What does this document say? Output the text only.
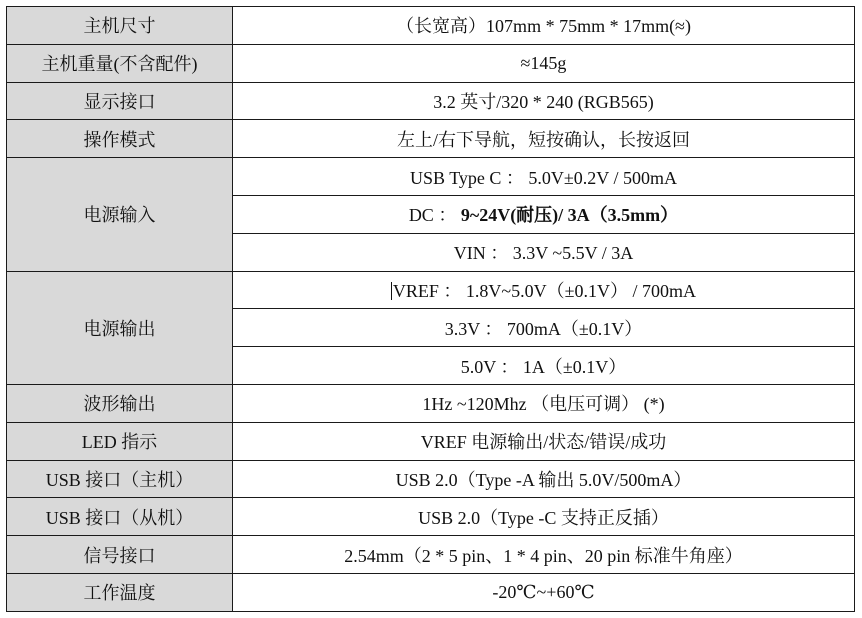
主机尺寸	（长宽高）107mm * 75mm * 17mm(≈)
主机重量(不含配件)	≈145g
显示接口	3.2 英寸/320 * 240 (RGB565)
操作模式	左上/右下导航，短按确认，长按返回
电源输入	USB Type C ： 5.0V±0.2V / 500mA
	DC ： 9~24V(耐压)/ 3A（3.5mm）
	VIN ： 3.3V ~5.5V / 3A
电源输出	VREF ： 1.8V~5.0V（±0.1V） / 700mA
	3.3V ： 700mA（±0.1V）
	5.0V ： 1A（±0.1V）
波形输出	1Hz ~120Mhz （电压可调） (*)
LED 指示	VREF 电源输出/状态/错误/成功
USB 接口（主机）	USB 2.0（Type -A 输出 5.0V/500mA）
USB 接口（从机）	USB 2.0（Type -C 支持正反插）
信号接口	2.54mm（2 * 5 pin、1 * 4 pin、20 pin 标准牛角座）
工作温度	-20℃~+60℃
